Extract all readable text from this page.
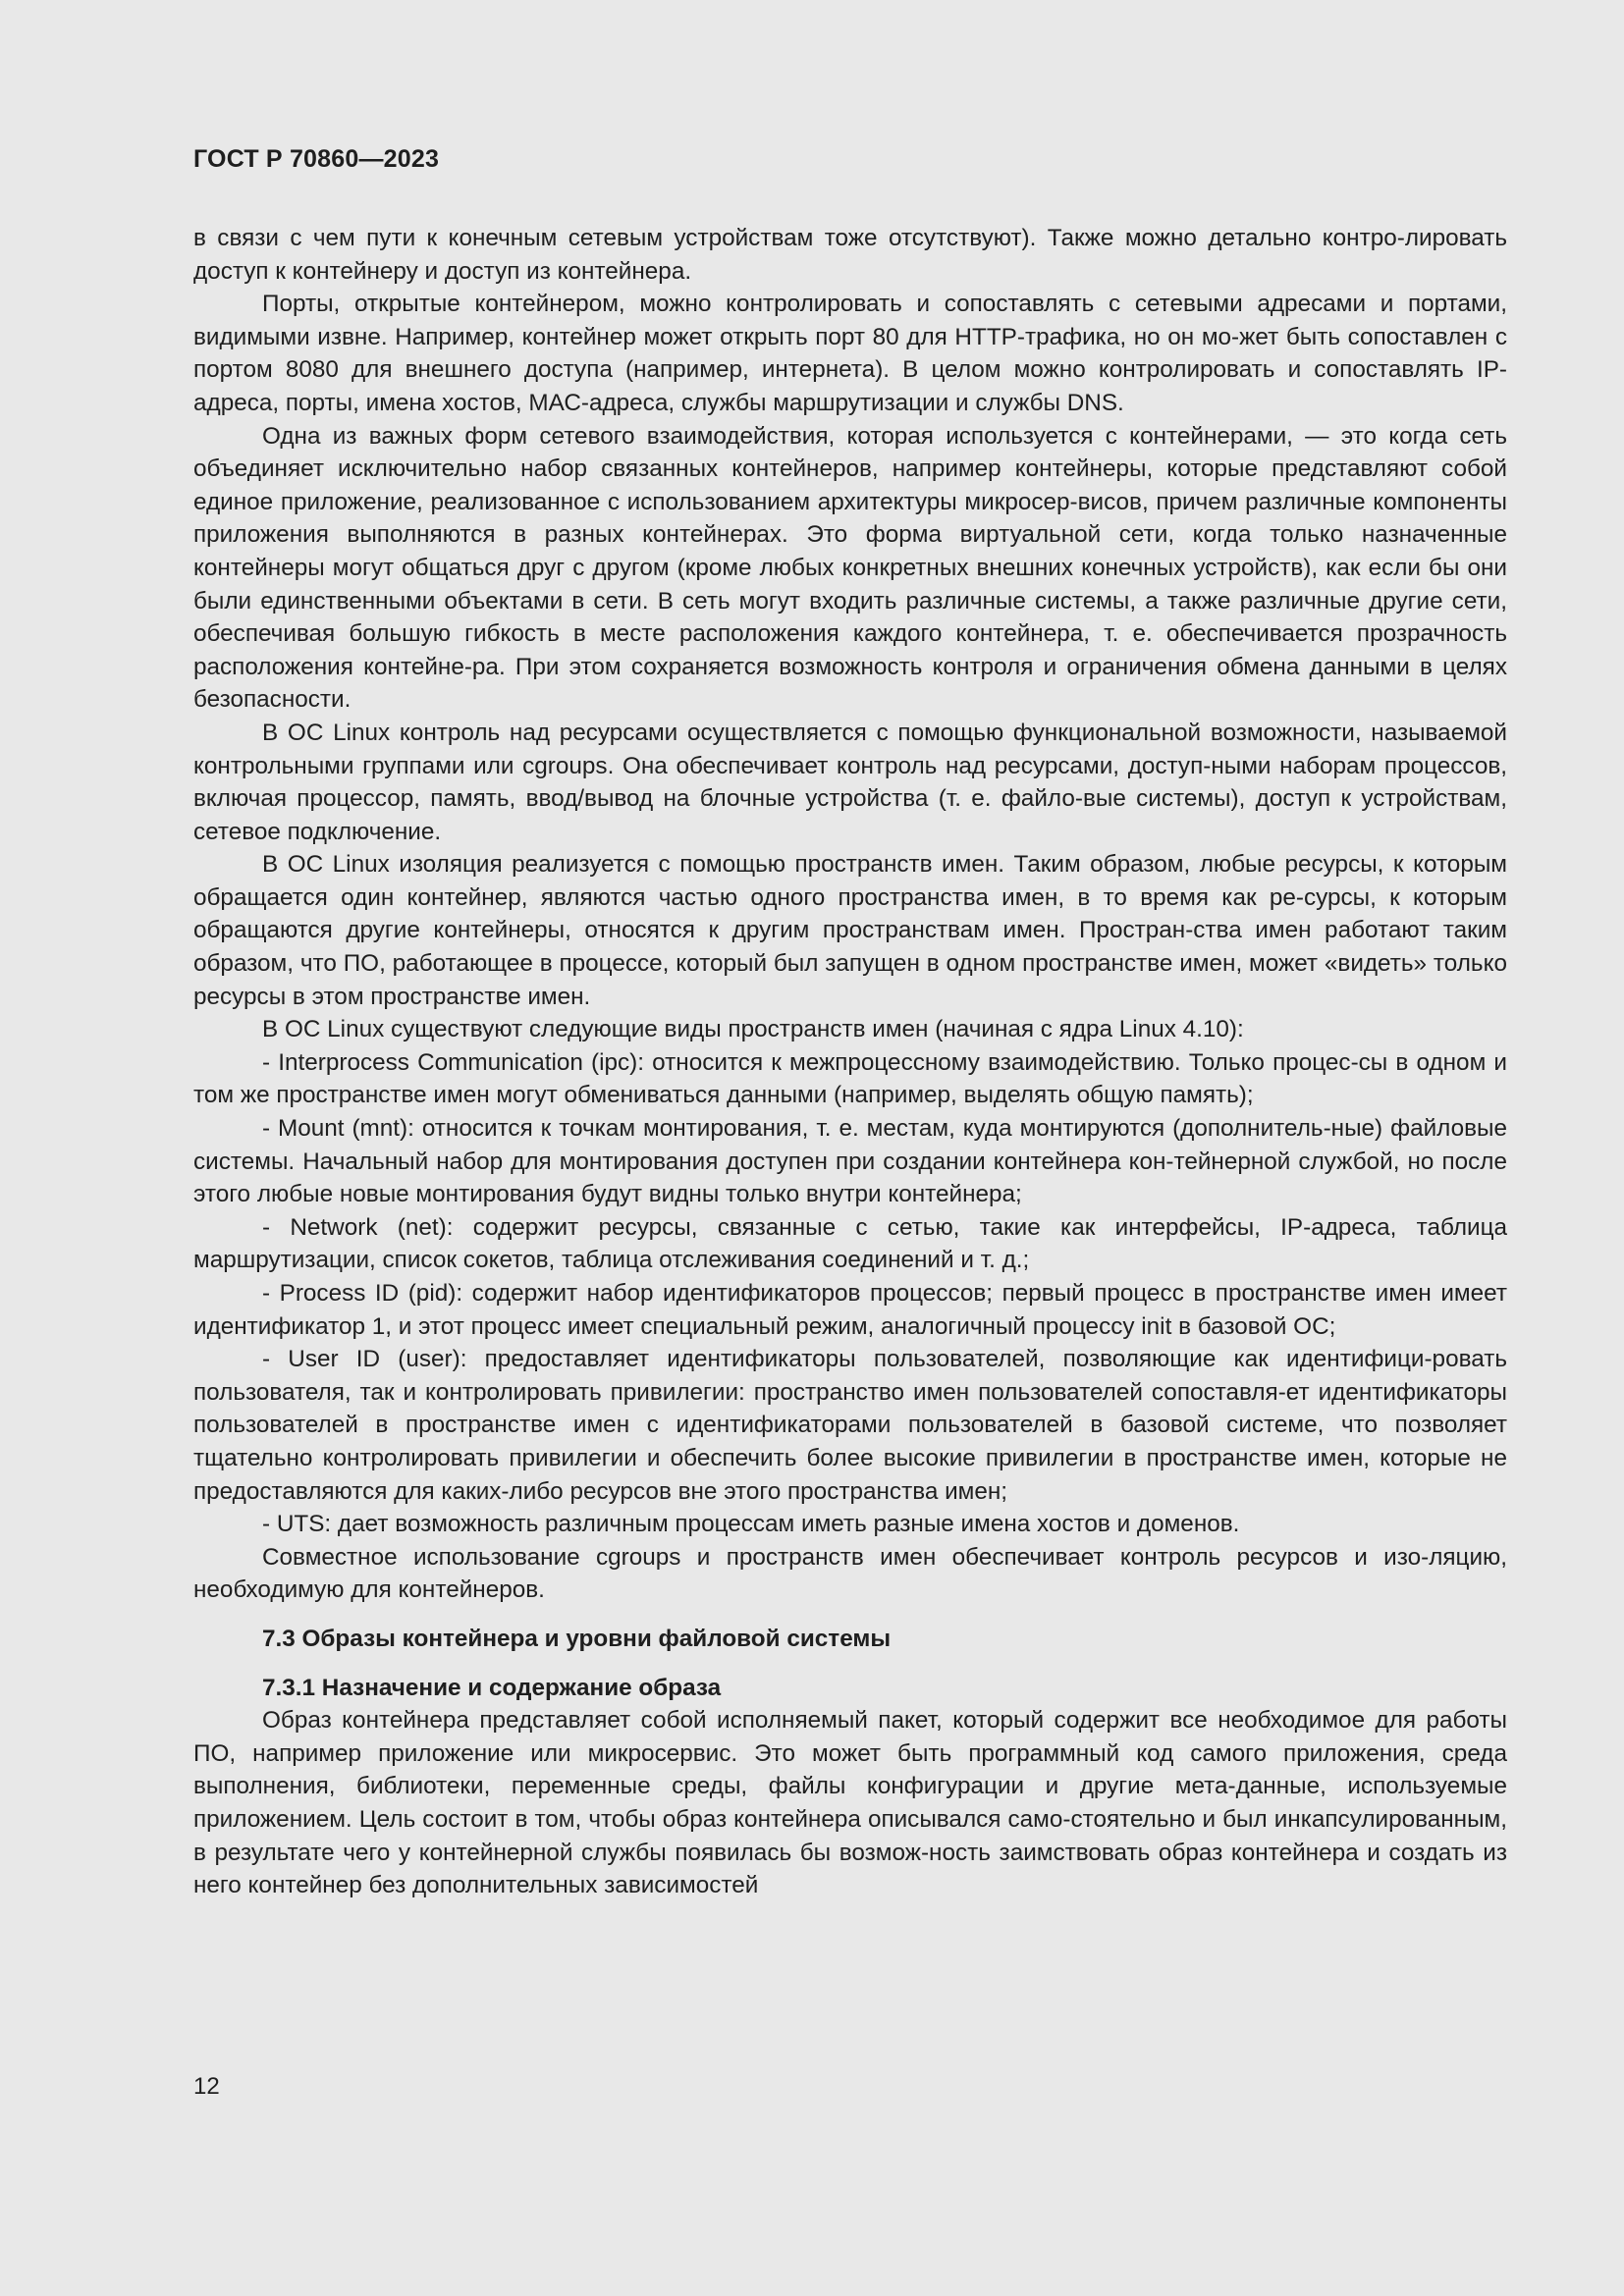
ГОСТ Р 70860—2023

в связи с чем пути к конечным сетевым устройствам тоже отсутствуют). Также можно детально контро-лировать доступ к контейнеру и доступ из контейнера.

Порты, открытые контейнером, можно контролировать и сопоставлять с сетевыми адресами и портами, видимыми извне. Например, контейнер может открыть порт 80 для HTTP-трафика, но он мо-жет быть сопоставлен с портом 8080 для внешнего доступа (например, интернета). В целом можно контролировать и сопоставлять IP-адреса, порты, имена хостов, МАС-адреса, службы маршрутизации и службы DNS.

Одна из важных форм сетевого взаимодействия, которая используется с контейнерами, — это когда сеть объединяет исключительно набор связанных контейнеров, например контейнеры, которые представляют собой единое приложение, реализованное с использованием архитектуры микросер-висов, причем различные компоненты приложения выполняются в разных контейнерах. Это форма виртуальной сети, когда только назначенные контейнеры могут общаться друг с другом (кроме любых конкретных внешних конечных устройств), как если бы они были единственными объектами в сети. В сеть могут входить различные системы, а также различные другие сети, обеспечивая большую гибкость в месте расположения каждого контейнера, т. е. обеспечивается прозрачность расположения контейне-ра. При этом сохраняется возможность контроля и ограничения обмена данными в целях безопасности.

В ОС Linux контроль над ресурсами осуществляется с помощью функциональной возможности, называемой контрольными группами или cgroups. Она обеспечивает контроль над ресурсами, доступ-ными наборам процессов, включая процессор, память, ввод/вывод на блочные устройства (т. е. файло-вые системы), доступ к устройствам, сетевое подключение.

В ОС Linux изоляция реализуется с помощью пространств имен. Таким образом, любые ресурсы, к которым обращается один контейнер, являются частью одного пространства имен, в то время как ре-сурсы, к которым обращаются другие контейнеры, относятся к другим пространствам имен. Простран-ства имен работают таким образом, что ПО, работающее в процессе, который был запущен в одном пространстве имен, может «видеть» только ресурсы в этом пространстве имен.

В ОС Linux существуют следующие виды пространств имен (начиная с ядра Linux 4.10):

- Interprocess Communication (ipc): относится к межпроцессному взаимодействию. Только процес-сы в одном и том же пространстве имен могут обмениваться данными (например, выделять общую память);

- Mount (mnt): относится к точкам монтирования, т. е. местам, куда монтируются (дополнитель-ные) файловые системы. Начальный набор для монтирования доступен при создании контейнера кон-тейнерной службой, но после этого любые новые монтирования будут видны только внутри контейнера;

- Network (net): содержит ресурсы, связанные с сетью, такие как интерфейсы, IP-адреса, таблица маршрутизации, список сокетов, таблица отслеживания соединений и т. д.;

- Process ID (pid): содержит набор идентификаторов процессов; первый процесс в пространстве имен имеет идентификатор 1, и этот процесс имеет специальный режим, аналогичный процессу init в базовой ОС;

- User ID (user): предоставляет идентификаторы пользователей, позволяющие как идентифици-ровать пользователя, так и контролировать привилегии: пространство имен пользователей сопоставля-ет идентификаторы пользователей в пространстве имен с идентификаторами пользователей в базовой системе, что позволяет тщательно контролировать привилегии и обеспечить более высокие привилегии в пространстве имен, которые не предоставляются для каких-либо ресурсов вне этого пространства имен;

- UTS: дает возможность различным процессам иметь разные имена хостов и доменов.

Совместное использование cgroups и пространств имен обеспечивает контроль ресурсов и изо-ляцию, необходимую для контейнеров.

7.3 Образы контейнера и уровни файловой системы

7.3.1 Назначение и содержание образа

Образ контейнера представляет собой исполняемый пакет, который содержит все необходимое для работы ПО, например приложение или микросервис. Это может быть программный код самого приложения, среда выполнения, библиотеки, переменные среды, файлы конфигурации и другие мета-данные, используемые приложением. Цель состоит в том, чтобы образ контейнера описывался само-стоятельно и был инкапсулированным, в результате чего у контейнерной службы появилась бы возмож-ность заимствовать образ контейнера и создать из него контейнер без дополнительных зависимостей

12
